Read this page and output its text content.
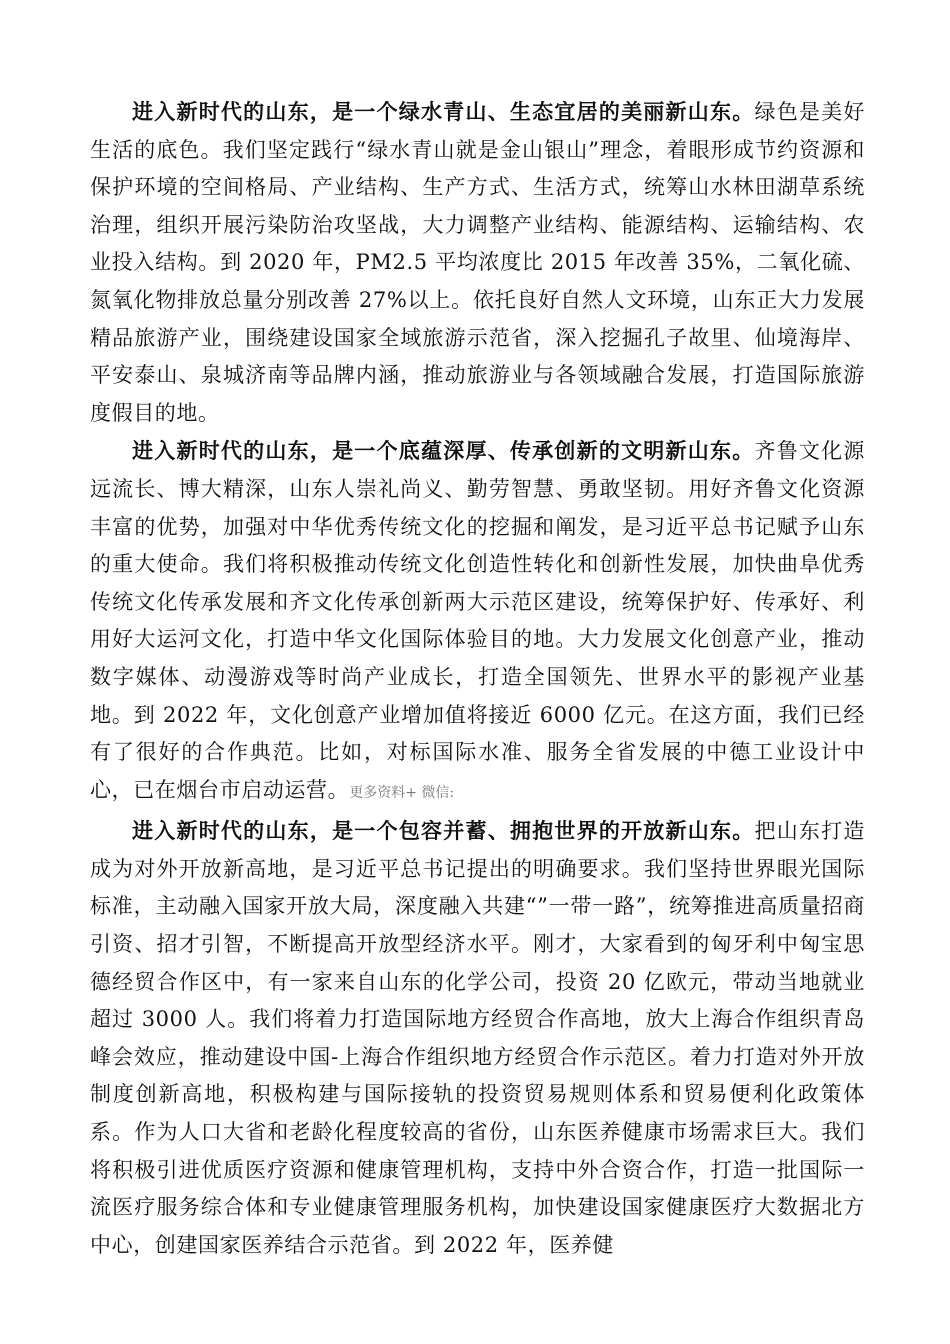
进入新时代的山东，是一个绿水青山、生态宜居的美丽新山东。绿色是美好生活的底色。我们坚定践行“绿水青山就是金山银山”理念，着眼形成节约资源和保护环境的空间格局、产业结构、生产方式、生活方式，统筹山水林田湖草系统治理，组织开展污染防治攻坚战，大力调整产业结构、能源结构、运输结构、农业投入结构。到 2020 年，PM2.5 平均浓度比 2015 年改善 35%，二氧化硫、氮氧化物排放总量分别改善 27%以上。依托良好自然人文环境，山东正大力发展精品旅游产业，围绕建设国家全域旅游示范省，深入挖掘孔子故里、仙境海岸、平安泰山、泉城济南等品牌内涵，推动旅游业与各领域融合发展，打造国际旅游度假目的地。

进入新时代的山东，是一个底蕴深厚、传承创新的文明新山东。齐鲁文化源远流长、博大精深，山东人崇礼尚义、勤劳智慧、勇敢坚韧。用好齐鲁文化资源丰富的优势，加强对中华优秀传统文化的挖掘和阐发，是习近平总书记赋予山东的重大使命。我们将积极推动传统文化创造性转化和创新性发展，加快曲阜优秀传统文化传承发展和齐文化传承创新两大示范区建设，统筹保护好、传承好、利用好大运河文化，打造中华文化国际体验目的地。大力发展文化创意产业，推动数字媒体、动漫游戏等时尚产业成长，打造全国领先、世界水平的影视产业基地。到 2022 年，文化创意产业增加值将接近 6000 亿元。在这方面，我们已经有了很好的合作典范。比如，对标国际水准、服务全省发展的中德工业设计中心，已在烟台市启动运营。更多资料+ 微信:

进入新时代的山东，是一个包容并蓄、拥抱世界的开放新山东。把山东打造成为对外开放新高地，是习近平总书记提出的明确要求。我们坚持世界眼光国际标准，主动融入国家开放大局，深度融入共建“”一带一路”，统筹推进高质量招商引资、招才引智，不断提高开放型经济水平。刚才，大家看到的匈牙利中匈宝思德经贸合作区中，有一家来自山东的化学公司，投资 20 亿欧元，带动当地就业超过 3000 人。我们将着力打造国际地方经贸合作高地，放大上海合作组织青岛峰会效应，推动建设中国-上海合作组织地方经贸合作示范区。着力打造对外开放制度创新高地，积极构建与国际接轨的投资贸易规则体系和贸易便利化政策体系。作为人口大省和老龄化程度较高的省份，山东医养健康市场需求巨大。我们将积极引进优质医疗资源和健康管理机构，支持中外合资合作，打造一批国际一流医疗服务综合体和专业健康管理服务机构，加快建设国家健康医疗大数据北方中心，创建国家医养结合示范省。到 2022 年，医养健
